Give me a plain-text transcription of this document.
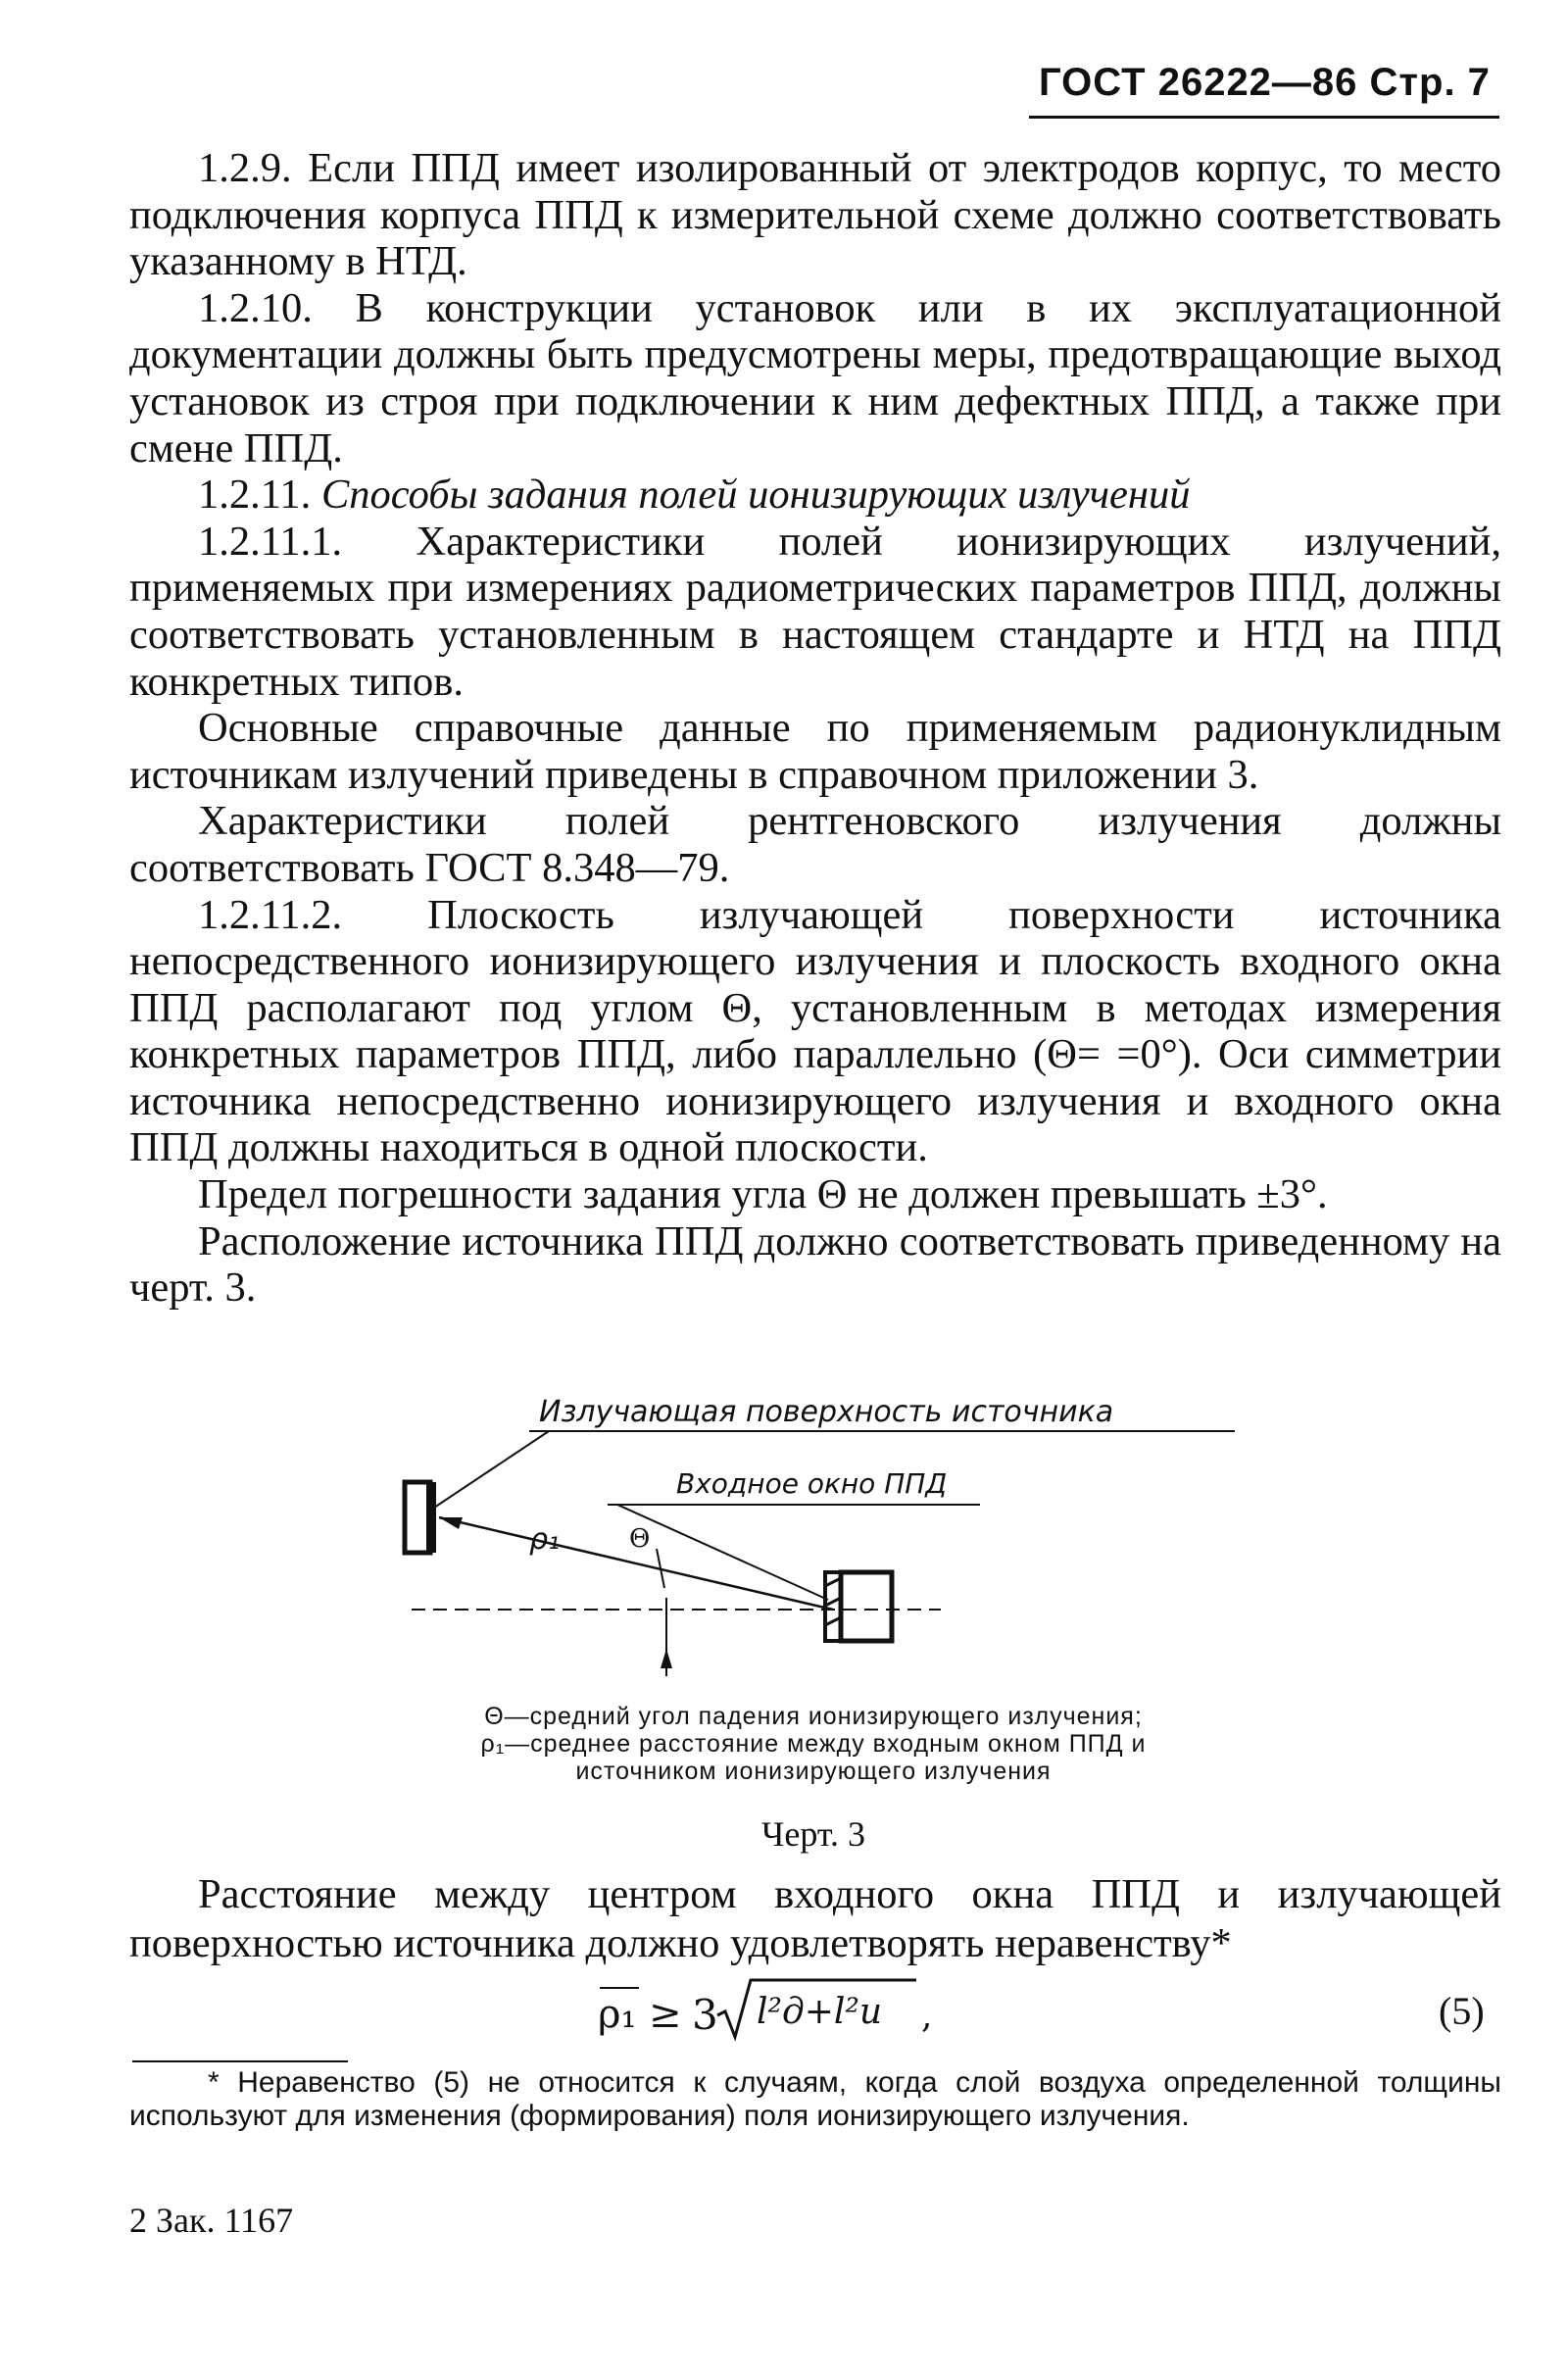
ГОСТ 26222—86 Стр. 7

1.2.9. Если ППД имеет изолированный от электродов корпус, то место подключения корпуса ППД к измерительной схеме должно соответствовать указанному в НТД.

1.2.10. В конструкции установок или в их эксплуатационной документации должны быть предусмотрены меры, предотвращающие выход установок из строя при подключении к ним дефектных ППД, а также при смене ППД.

1.2.11. Способы задания полей ионизирующих излучений

1.2.11.1. Характеристики полей ионизирующих излучений, применяемых при измерениях радиометрических параметров ППД, должны соответствовать установленным в настоящем стандарте и НТД на ППД конкретных типов.

Основные справочные данные по применяемым радионуклидным источникам излучений приведены в справочном приложении 3.

Характеристики полей рентгеновского излучения должны соответствовать ГОСТ 8.348—79.

1.2.11.2. Плоскость излучающей поверхности источника непосредственного ионизирующего излучения и плоскость входного окна ППД располагают под углом Θ, установленным в методах измерения конкретных параметров ППД, либо параллельно (Θ= =0°). Оси симметрии источника непосредственно ионизирующего излучения и входного окна ППД должны находиться в одной плоскости.

Предел погрешности задания угла Θ не должен превышать ±3°.

Расположение источника ППД должно соответствовать приведенному на черт. 3.

Излучающая поверхность источника
Входное окно ППД
ρ₁	Θ
Θ—средний угол падения ионизирующего излучения;
ρ₁—среднее расстояние между входным окном ППД и
источником ионизирующего излучения
Черт. 3

Расстояние между центром входного окна ППД и излучающей поверхностью источника должно удовлетворять неравенству*

ρ₁ ≥ 3 l²д+l²и ,	(5)

* Неравенство (5) не относится к случаям, когда слой воздуха определенной толщины используют для изменения (формирования) поля ионизирующего излучения.

2 Зак. 1167
